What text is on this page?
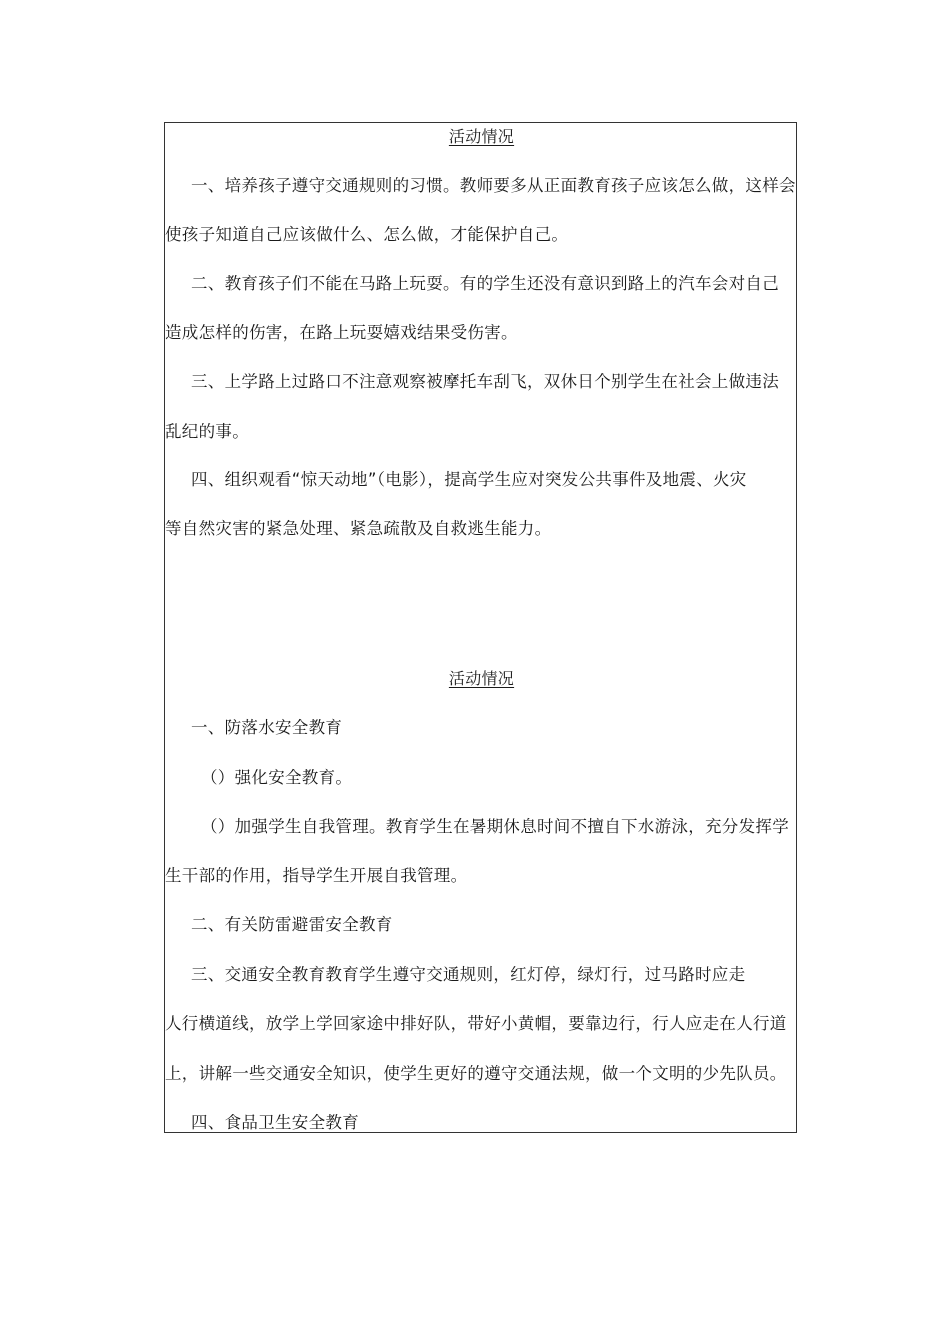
活动情况
一、培养孩子遵守交通规则的习惯。教师要多从正面教育孩子应该怎么做，这样会
使孩子知道自己应该做什么、怎么做，才能保护自己。
二、教育孩子们不能在马路上玩耍。有的学生还没有意识到路上的汽车会对自己
造成怎样的伤害，在路上玩耍嬉戏结果受伤害。
三、上学路上过路口不注意观察被摩托车刮飞，双休日个别学生在社会上做违法
乱纪的事。
四、组织观看“惊天动地”（电影），提高学生应对突发公共事件及地震、火灾
等自然灾害的紧急处理、紧急疏散及自救逃生能力。
活动情况
一、防落水安全教育
（）强化安全教育。
（）加强学生自我管理。教育学生在暑期休息时间不擅自下水游泳，充分发挥学
生干部的作用，指导学生开展自我管理。
二、有关防雷避雷安全教育
三、交通安全教育教育学生遵守交通规则，红灯停，绿灯行，过马路时应走
人行横道线，放学上学回家途中排好队，带好小黄帽，要靠边行，行人应走在人行道
上，讲解一些交通安全知识，使学生更好的遵守交通法规，做一个文明的少先队员。
四、食品卫生安全教育
